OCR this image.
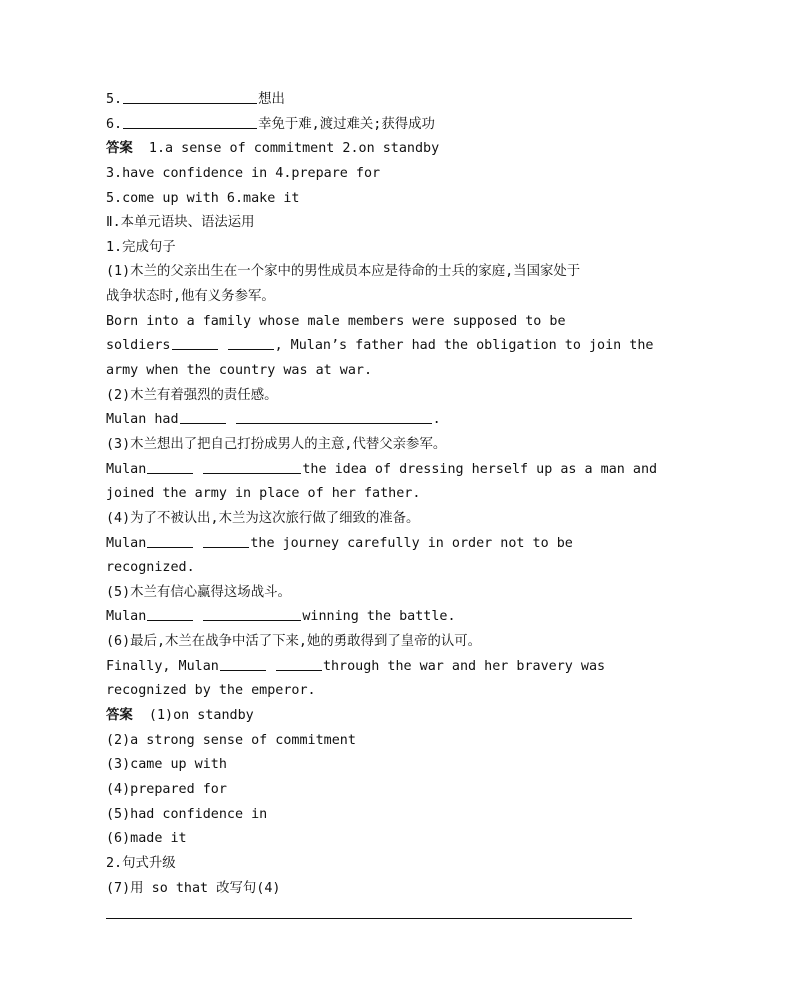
5.	想出
6.	幸免于难,渡过难关;获得成功
答案 1.a sense of commitment 2.on standby
3.have confidence in 4.prepare for
5.come up with 6.make it
Ⅱ.本单元语块、语法运用
1.完成句子
(1)木兰的父亲出生在一个家中的男性成员本应是待命的士兵的家庭,当国家处于
战争状态时,他有义务参军。
Born into a family whose male members were supposed to be
soldiers	, Mulan’s father had the obligation to join the
army when the country was at war.
(2)木兰有着强烈的责任感。
Mulan had	.
(3)木兰想出了把自己打扮成男人的主意,代替父亲参军。
Mulan	the idea of dressing herself up as a man and
joined the army in place of her father.
(4)为了不被认出,木兰为这次旅行做了细致的准备。
Mulan	the journey carefully in order not to be
recognized.
(5)木兰有信心赢得这场战斗。
Mulan	winning the battle.
(6)最后,木兰在战争中活了下来,她的勇敢得到了皇帝的认可。
Finally, Mulan	through the war and her bravery was
recognized by the emperor.
答案 (1)on standby
(2)a strong sense of commitment
(3)came up with
(4)prepared for
(5)had confidence in
(6)made it
2.句式升级
(7)用 so that 改写句(4)
